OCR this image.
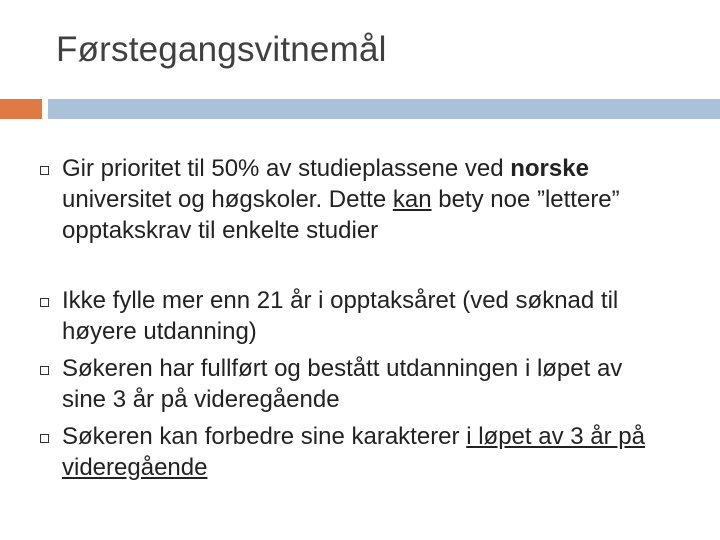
Førstegangsvitnemål
Gir prioritet til 50% av studieplassene ved norske universitet og høgskoler. Dette kan bety noe ”lettere” opptakskrav til enkelte studier
Ikke fylle mer enn 21 år i opptaksåret (ved søknad til høyere utdanning)
Søkeren har fullført og bestått utdanningen i løpet av sine 3 år på videregående
Søkeren kan forbedre sine karakterer i løpet av 3 år på videregående
